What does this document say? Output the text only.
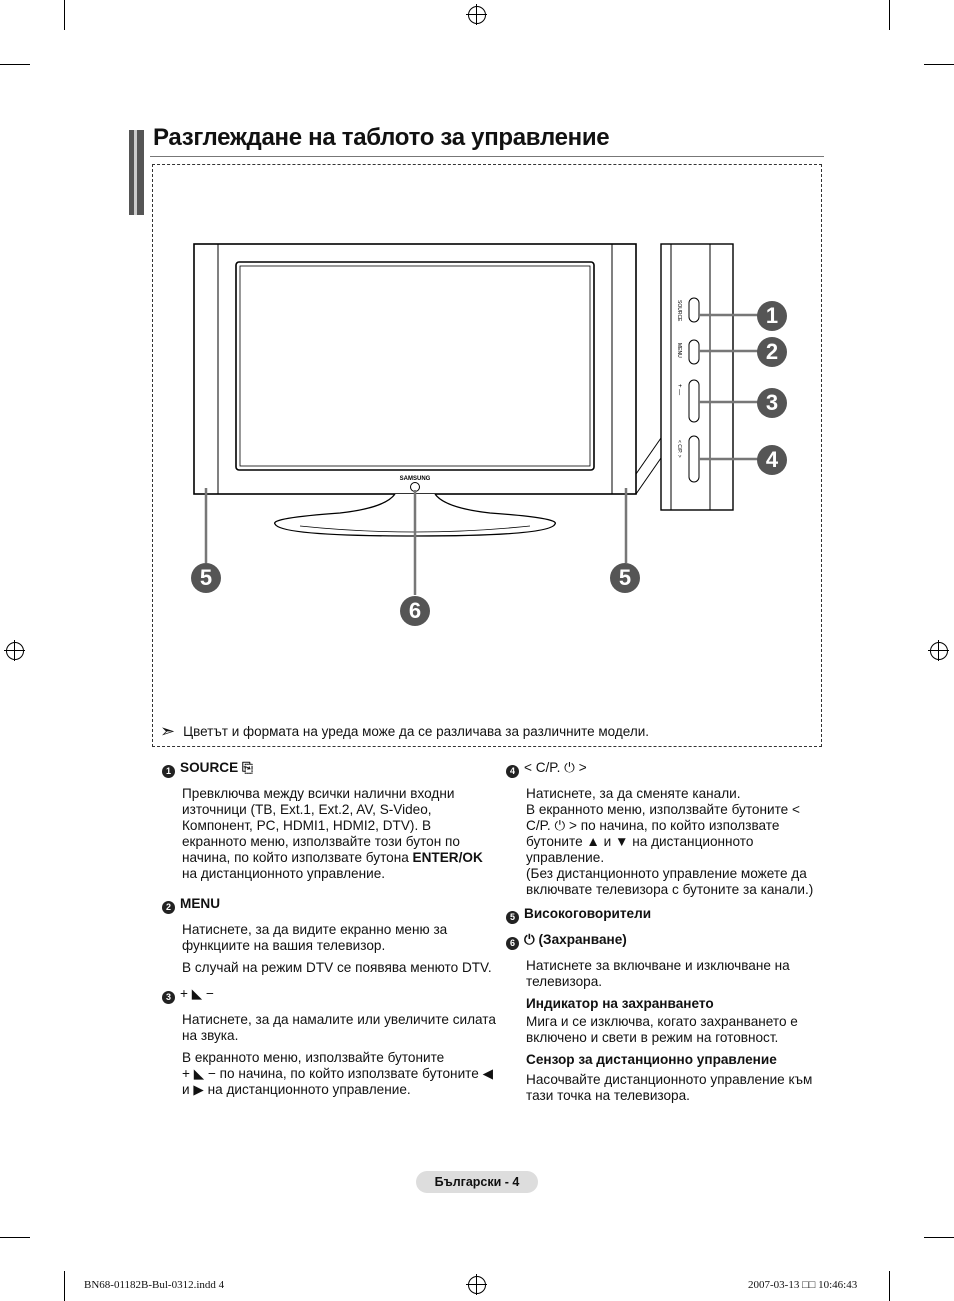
Разглеждане на таблото за управление
SAMSUNG
SOURCE
MENU
+ —
< C/P. >
1
2
3
4
5	5
6
➣ Цветът и формата на уреда може да се различава за различните модели.
1 SOURCE ⎘

Превключва между всички налични входни източници (TB, Ext.1, Ext.2, AV, S-Video, Компонент, PC, HDMI1, HDMI2, DTV). В екранното меню, използвайте този бутон по начина, по който използвате бутона ENTER/OK на дистанционното управление.

2 MENU

Натиснете, за да видите екранно меню за функциите на вашия телевизор.

В случай на режим DTV се появява менюто DTV.

3 + ◣ −

Натиснете, за да намалите или увеличите силата на звука.

В екранното меню, използвайте бутоните

+ ◣ − по начина, по който използвате бутоните ◀ и ▶ на дистанционното управление.

4 < C/P. ⏻ >

Натиснете, за да сменяте канали.

В екранното меню, използвайте бутоните < C/P. ⏻ > по начина, по който използвате бутоните ▲ и ▼ на дистанционното управление.

(Без дистанционното управление можете да включвате телевизора с бутоните за канали.)

5 Високоговорители
6 ⏻ (Захранване)

Натиснете за включване и изключване на телевизора.

Индикатор на захранването

Мига и се изключва, когато захранването е включено и свети в режим на готовност.

Сензор за дистанционно управление

Насочвайте дистанционното управление към тази точка на телевизора.

Български - 4
BN68-01182B-Bul-0312.indd 4	2007-03-13 □□ 10:46:43
